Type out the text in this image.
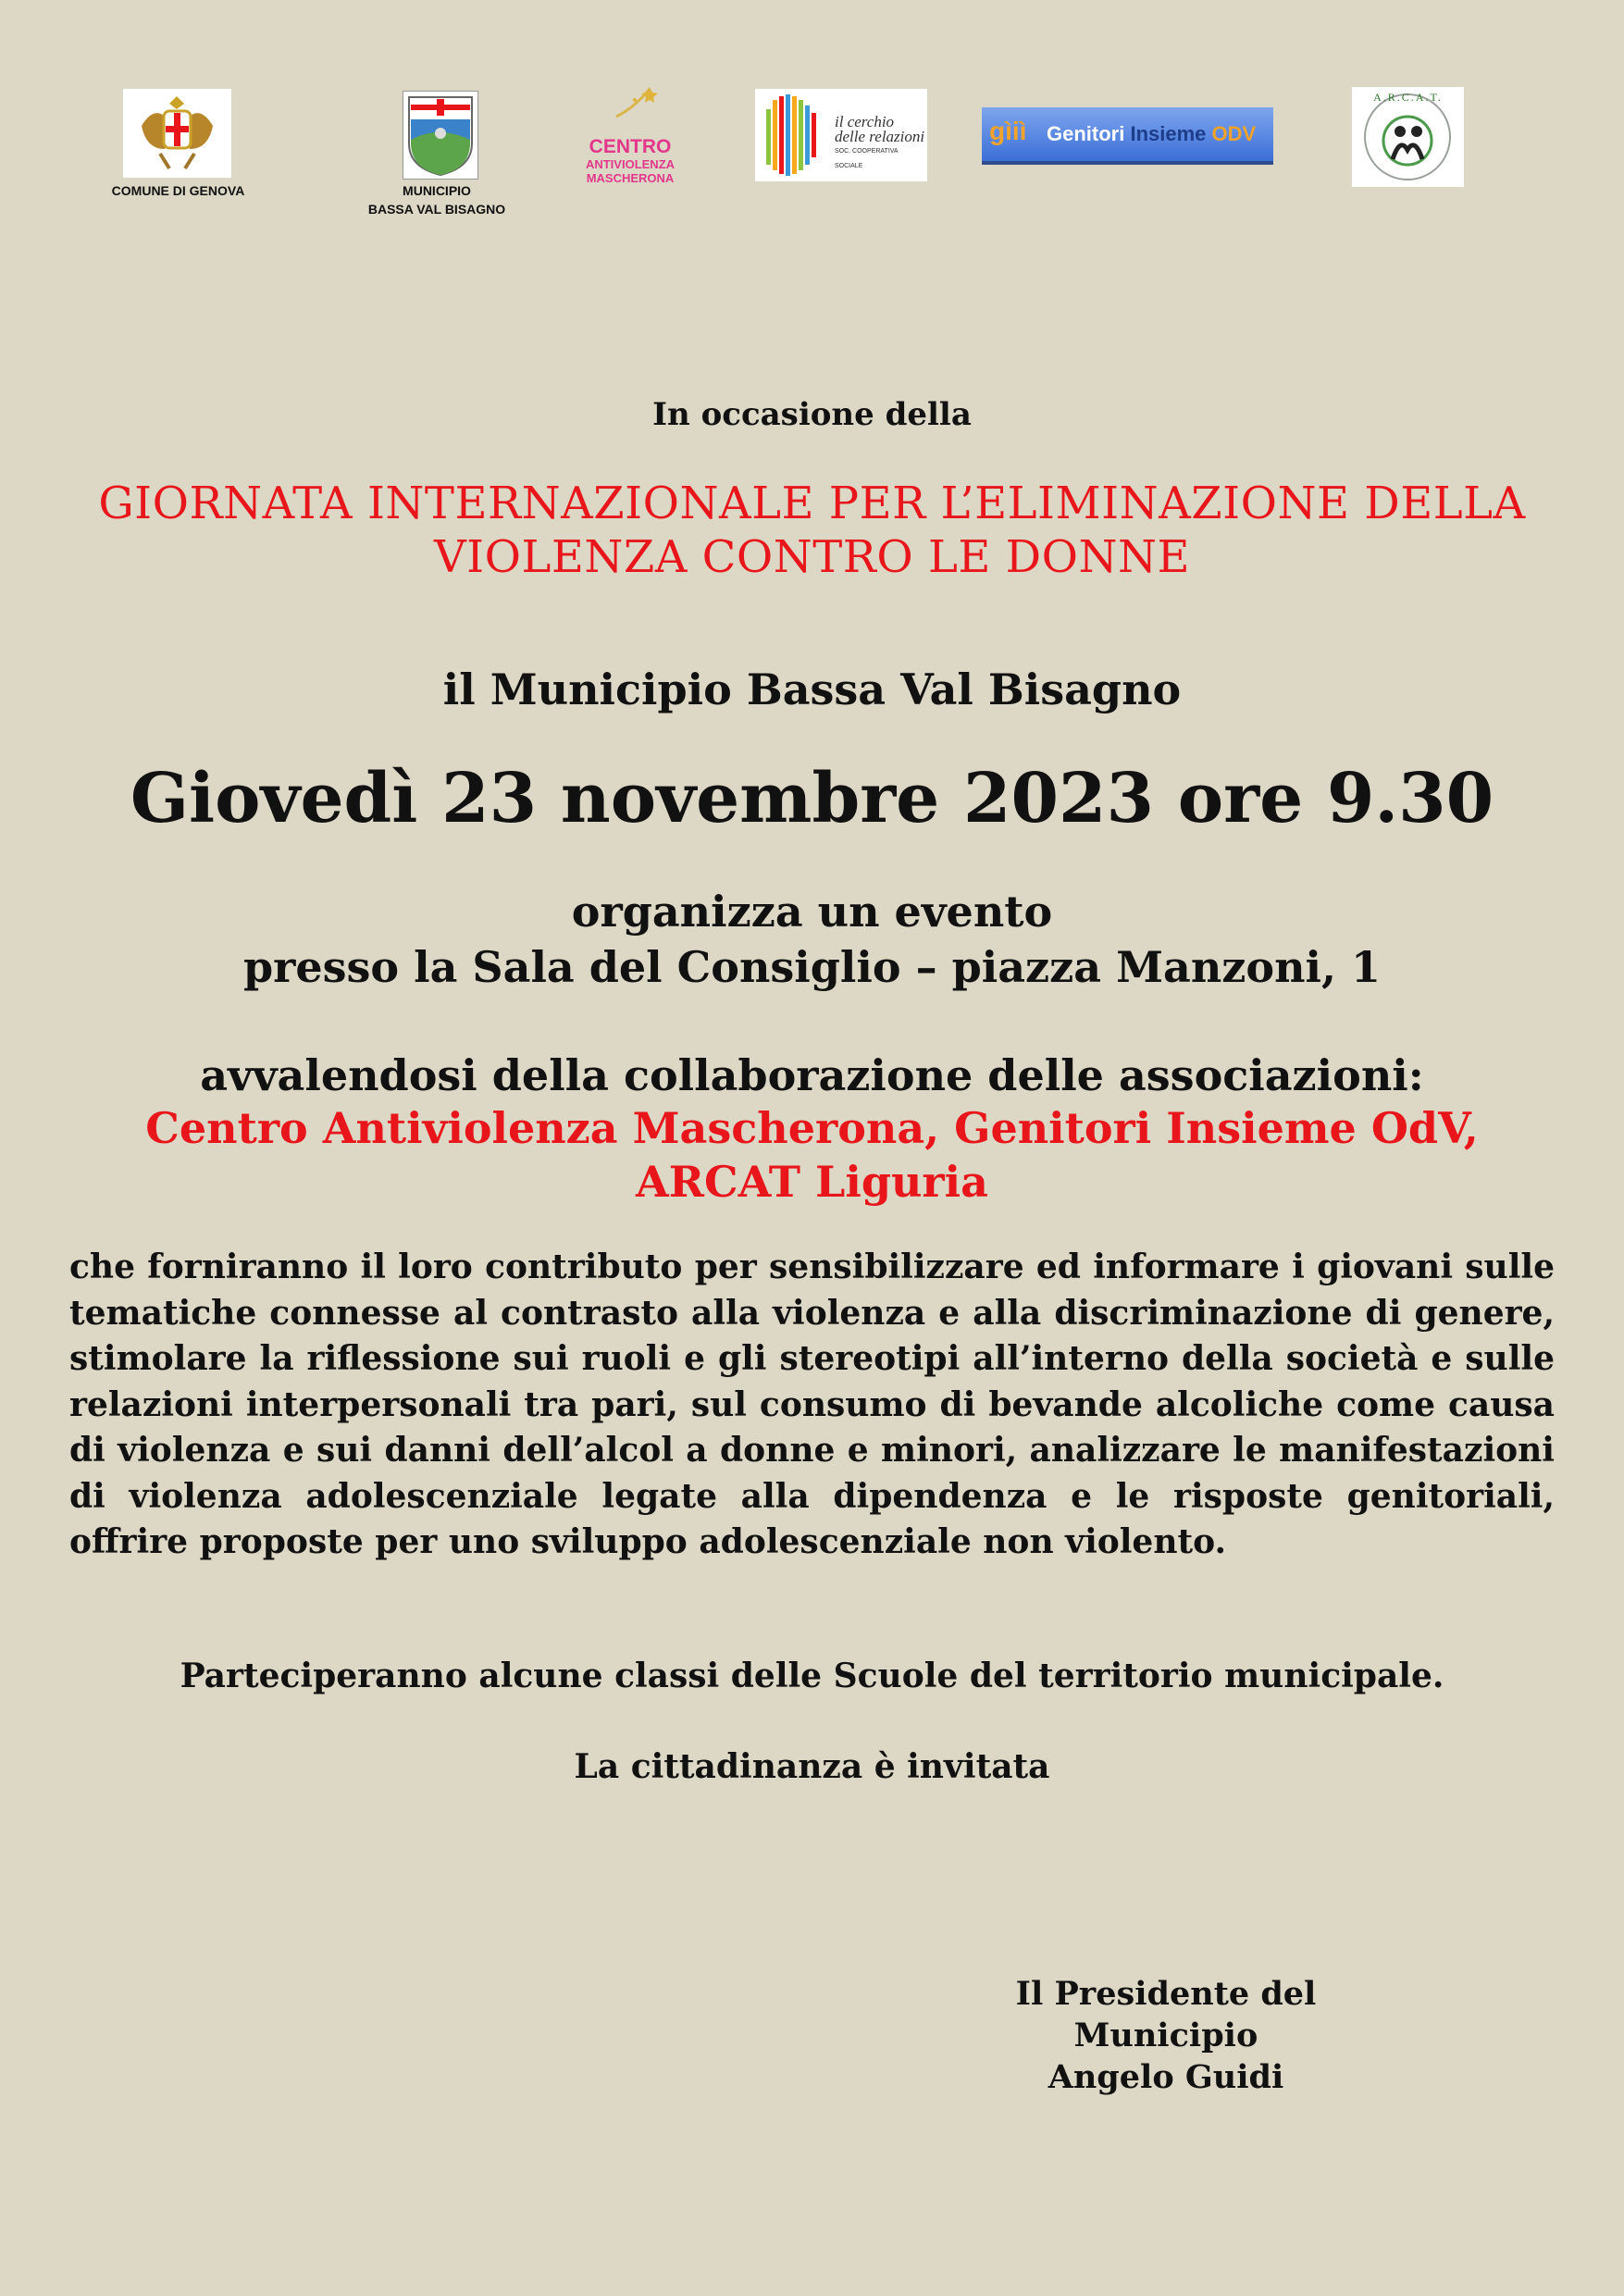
COMUNE DI GENOVA	MUNICIPIO
BASSA VAL BISAGNO
CENTRO
ANTIVIOLENZA
MASCHERONA
il cerchio
delle relazioni
SOC. COOPERATIVA SOCIALE
gìiì Genitori Insieme ODV
A.R.C.A.T.
In occasione della
GIORNATA INTERNAZIONALE PER L’ELIMINAZIONE DELLA
VIOLENZA CONTRO LE DONNE
il Municipio Bassa Val Bisagno
Giovedì 23 novembre 2023 ore 9.30
organizza un evento
presso la Sala del Consiglio – piazza Manzoni, 1
avvalendosi della collaborazione delle associazioni:
Centro Antiviolenza Mascherona, Genitori Insieme OdV,
ARCAT Liguria
che forniranno il loro contributo per sensibilizzare ed informare i giovani sulle tematiche connesse al contrasto alla violenza e alla discriminazione di genere, stimolare la riflessione sui ruoli e gli stereotipi all’interno della società e sulle relazioni interpersonali tra pari, sul consumo di bevande alcoliche come causa di violenza e sui danni dell’alcol a donne e minori, analizzare le manifestazioni di violenza adolescenziale legate alla dipendenza e le risposte genitoriali, offrire proposte per uno sviluppo adolescenziale non violento.
Parteciperanno alcune classi delle Scuole del territorio municipale.
La cittadinanza è invitata
Il Presidente del Municipio
Angelo Guidi
